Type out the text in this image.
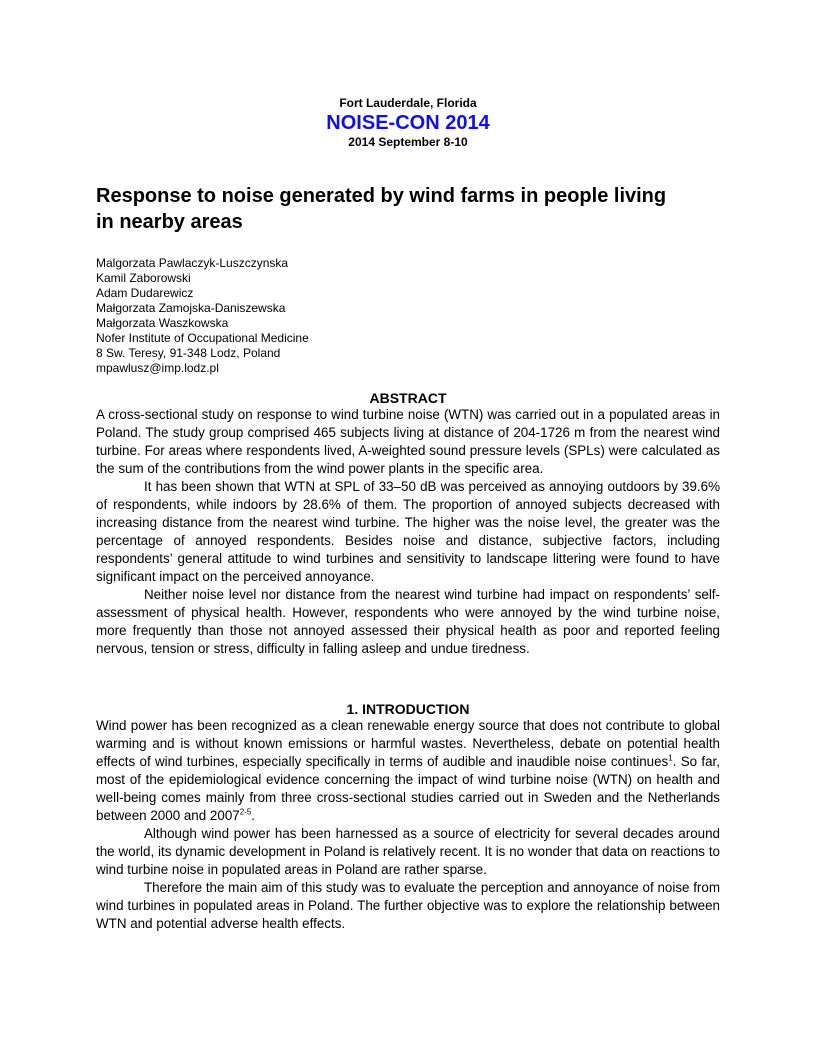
Fort Lauderdale, Florida
NOISE-CON 2014
2014 September 8-10
Response to noise generated by wind farms in people living
in nearby areas
Malgorzata Pawlaczyk-Luszczynska
Kamil Zaborowski
Adam Dudarewicz
Małgorzata Zamojska-Daniszewska
Małgorzata Waszkowska
Nofer Institute of Occupational Medicine
8 Sw. Teresy, 91-348 Lodz, Poland
mpawlusz@imp.lodz.pl
ABSTRACT

A cross-sectional study on response to wind turbine noise (WTN) was carried out in a populated areas in Poland. The study group comprised 465 subjects living at distance of 204-1726 m from the nearest wind turbine. For areas where respondents lived, A-weighted sound pressure levels (SPLs) were calculated as the sum of the contributions from the wind power plants in the specific area.

It has been shown that WTN at SPL of 33–50 dB was perceived as annoying outdoors by 39.6% of respondents, while indoors by 28.6% of them. The proportion of annoyed subjects decreased with increasing distance from the nearest wind turbine. The higher was the noise level, the greater was the percentage of annoyed respondents. Besides noise and distance, subjective factors, including respondents’ general attitude to wind turbines and sensitivity to landscape littering were found to have significant impact on the perceived annoyance.

Neither noise level nor distance from the nearest wind turbine had impact on respondents’ self-assessment of physical health. However, respondents who were annoyed by the wind turbine noise, more frequently than those not annoyed assessed their physical health as poor and reported feeling nervous, tension or stress, difficulty in falling asleep and undue tiredness.

1. INTRODUCTION

Wind power has been recognized as a clean renewable energy source that does not contribute to global warming and is without known emissions or harmful wastes. Nevertheless, debate on potential health effects of wind turbines, especially specifically in terms of audible and inaudible noise continues$^1$. So far, most of the epidemiological evidence concerning the impact of wind turbine noise (WTN) on health and well-being comes mainly from three cross-sectional studies carried out in Sweden and the Netherlands between 2000 and 2007$^{2-5}$.

Although wind power has been harnessed as a source of electricity for several decades around the world, its dynamic development in Poland is relatively recent. It is no wonder that data on reactions to wind turbine noise in populated areas in Poland are rather sparse.

Therefore the main aim of this study was to evaluate the perception and annoyance of noise from wind turbines in populated areas in Poland. The further objective was to explore the relationship between WTN and potential adverse health effects.
